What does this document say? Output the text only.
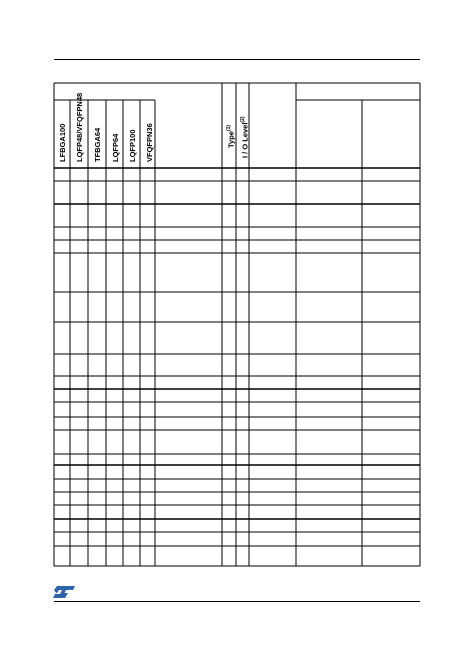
LFBGA100 LQFP48/VFQFPN48 TFBGA64 LQFP64 LQFP100 VFQFPN36	Type$^{(1)}$	I / O Level$^{(2)}$
